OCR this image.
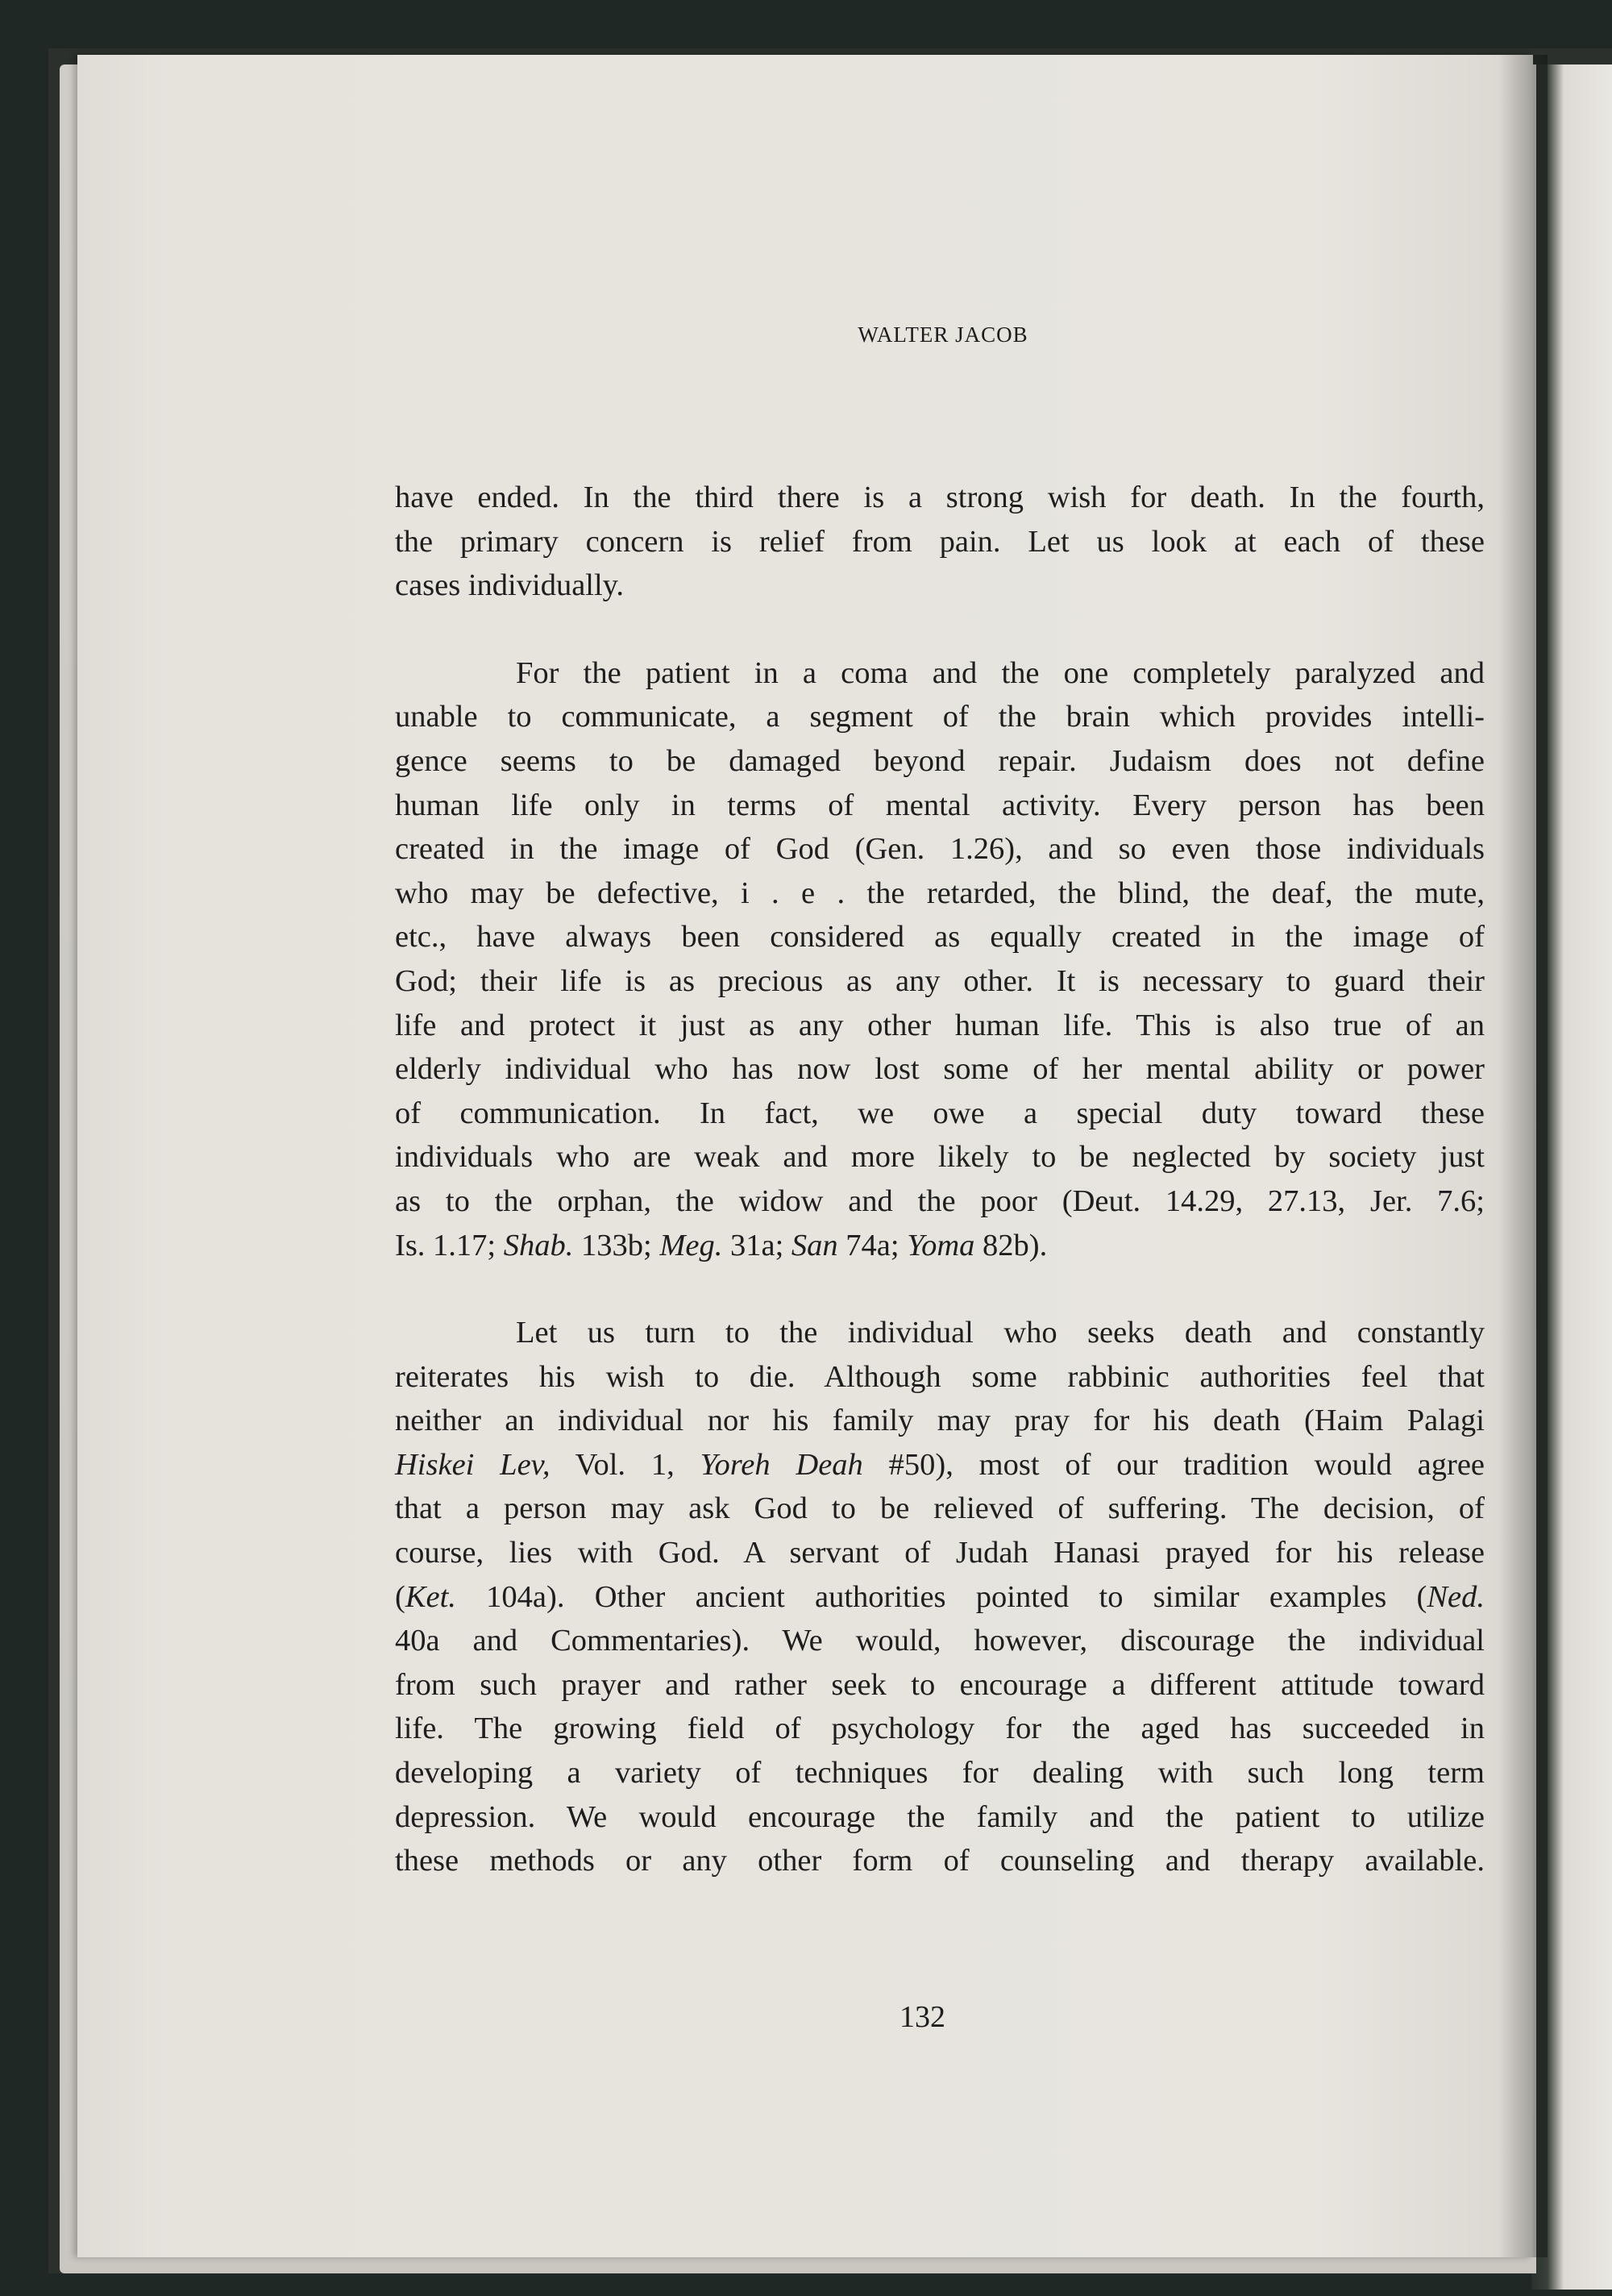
WALTER JACOB

have ended. In the third there is a strong wish for death. In the fourth,
the primary concern is relief from pain. Let us look at each of these
cases individually.

For the patient in a coma and the one completely paralyzed and
unable to communicate, a segment of the brain which provides intelli-
gence seems to be damaged beyond repair. Judaism does not define
human life only in terms of mental activity. Every person has been
created in the image of God (Gen. 1.26), and so even those individuals
who may be defective, i . e . the retarded, the blind, the deaf, the mute,
etc., have always been considered as equally created in the image of
God; their life is as precious as any other. It is necessary to guard their
life and protect it just as any other human life. This is also true of an
elderly individual who has now lost some of her mental ability or power
of communication. In fact, we owe a special duty toward these
individuals who are weak and more likely to be neglected by society just
as to the orphan, the widow and the poor (Deut. 14.29, 27.13, Jer. 7.6;
Is. 1.17; Shab. 133b; Meg. 31a; San 74a; Yoma 82b).

Let us turn to the individual who seeks death and constantly
reiterates his wish to die. Although some rabbinic authorities feel that
neither an individual nor his family may pray for his death (Haim Palagi
Hiskei Lev, Vol. 1, Yoreh Deah #50), most of our tradition would agree
that a person may ask God to be relieved of suffering. The decision, of
course, lies with God. A servant of Judah Hanasi prayed for his release
(Ket. 104a). Other ancient authorities pointed to similar examples (Ned.
40a and Commentaries). We would, however, discourage the individual
from such prayer and rather seek to encourage a different attitude toward
life. The growing field of psychology for the aged has succeeded in
developing a variety of techniques for dealing with such long term
depression. We would encourage the family and the patient to utilize
these methods or any other form of counseling and therapy available.

132
